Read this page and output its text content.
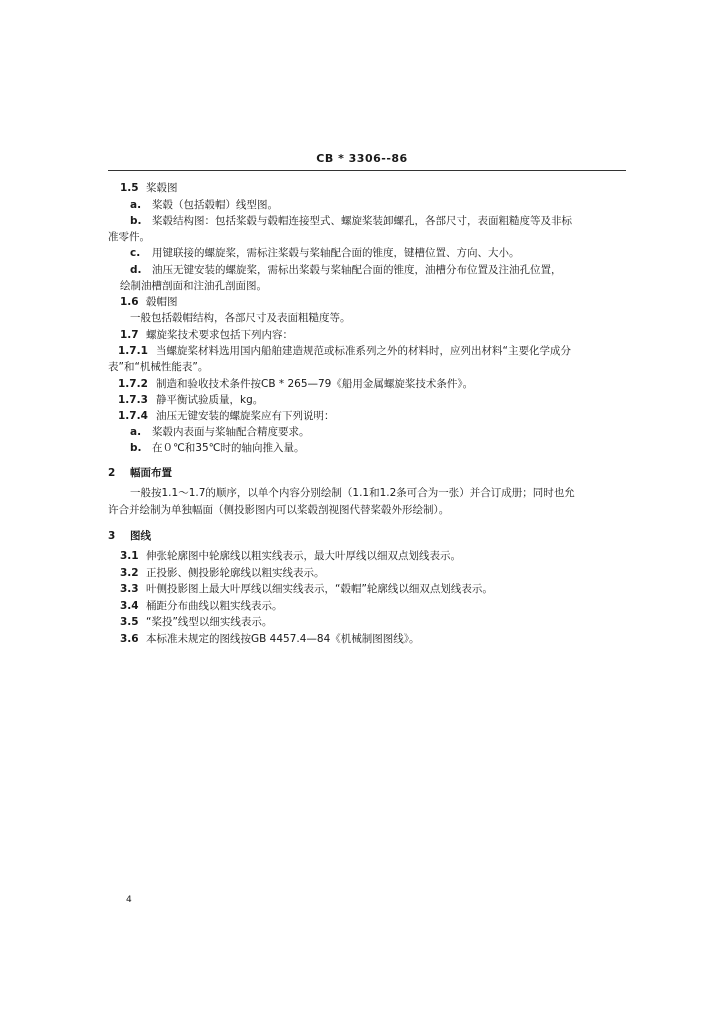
CB * 3306--86
1.5 桨毂图
a. 桨毂（包括毂帽）线型图。
b. 桨毂结构图：包括桨毂与毂帽连接型式、螺旋桨装卸螺孔，各部尺寸，表面粗糙度等及非标
准零件。
c. 用键联接的螺旋桨，需标注桨毂与桨轴配合面的锥度，键槽位置、方向、大小。
d. 油压无键安装的螺旋桨，需标出桨毂与桨轴配合面的锥度，油槽分布位置及注油孔位置，
绘制油槽剖面和注油孔剖面图。
1.6 毂帽图
一般包括毂帽结构，各部尺寸及表面粗糙度等。
1.7 螺旋桨技术要求包括下列内容：
1.7.1 当螺旋桨材料选用国内船舶建造规范或标准系列之外的材料时，应列出材料“主要化学成分
表”和“机械性能表”。
1.7.2 制造和验收技术条件按CB * 265—79《船用金属螺旋桨技术条件》。
1.7.3 静平衡试验质量，kg。
1.7.4 油压无键安装的螺旋桨应有下列说明：
a. 桨毂内表面与桨轴配合精度要求。
b. 在０℃和35℃时的轴向推入量。
2 幅面布置
一般按1.1～1.7的顺序，以单个内容分别绘制（1.1和1.2条可合为一张）并合订成册；同时也允
许合并绘制为单独幅面（侧投影图内可以桨毂剖视图代替桨毂外形绘制）。
3 图线
3.1 伸张轮廓图中轮廓线以粗实线表示，最大叶厚线以细双点划线表示。
3.2 正投影、侧投影轮廓线以粗实线表示。
3.3 叶侧投影图上最大叶厚线以细实线表示，“毂帽”轮廓线以细双点划线表示。
3.4 桶距分布曲线以粗实线表示。
3.5 “桨投”线型以细实线表示。
3.6 本标准未规定的图线按GB 4457.4—84《机械制图图线》。
4
